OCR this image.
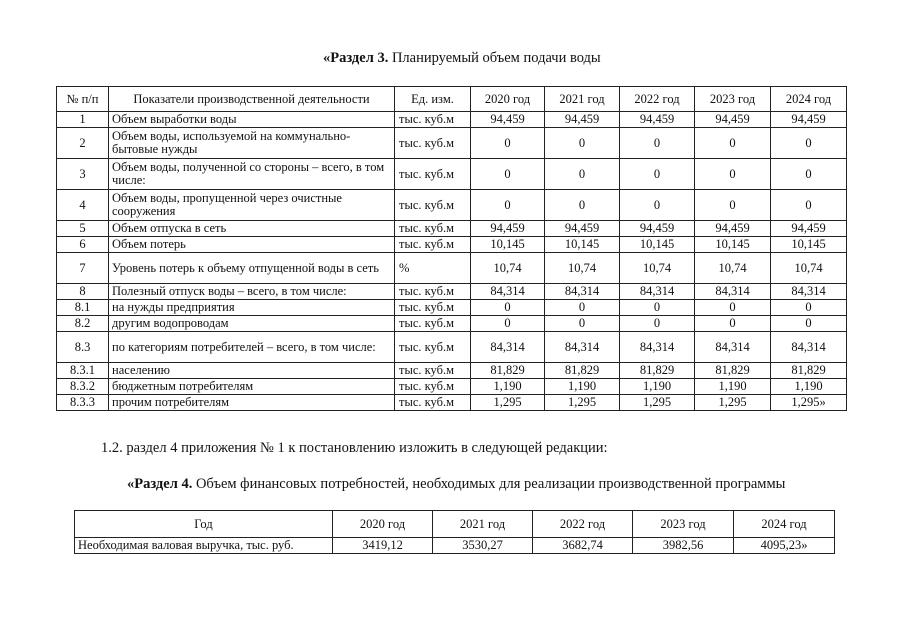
«Раздел 3. Планируемый объем подачи воды
№ п/п	Показатели производственной деятельности	Ед. изм.	2020 год	2021 год	2022 год	2023 год	2024 год
1	Объем выработки воды	тыс. куб.м	94,459	94,459	94,459	94,459	94,459
2	Объем воды, используемой на коммунально-бытовые нужды	тыс. куб.м	0	0	0	0	0
3	Объем воды, полученной со стороны – всего, в том числе:	тыс. куб.м	0	0	0	0	0
4	Объем воды, пропущенной через очистные сооружения	тыс. куб.м	0	0	0	0	0
5	Объем отпуска в сеть	тыс. куб.м	94,459	94,459	94,459	94,459	94,459
6	Объем потерь	тыс. куб.м	10,145	10,145	10,145	10,145	10,145
7	Уровень потерь к объему отпущенной воды в сеть	%	10,74	10,74	10,74	10,74	10,74
8	Полезный отпуск воды – всего, в том числе:	тыс. куб.м	84,314	84,314	84,314	84,314	84,314
8.1	на нужды предприятия	тыс. куб.м	0	0	0	0	0
8.2	другим водопроводам	тыс. куб.м	0	0	0	0	0
8.3	по категориям потребителей – всего, в том числе:	тыс. куб.м	84,314	84,314	84,314	84,314	84,314
8.3.1	населению	тыс. куб.м	81,829	81,829	81,829	81,829	81,829
8.3.2	бюджетным потребителям	тыс. куб.м	1,190	1,190	1,190	1,190	1,190
8.3.3	прочим потребителям	тыс. куб.м	1,295	1,295	1,295	1,295	1,295»
1.2. раздел 4 приложения № 1 к постановлению изложить в следующей редакции:
«Раздел 4. Объем финансовых потребностей, необходимых для реализации производственной программы
Год	2020 год	2021 год	2022 год	2023 год	2024 год
Необходимая валовая выручка, тыс. руб.	3419,12	3530,27	3682,74	3982,56	4095,23»
